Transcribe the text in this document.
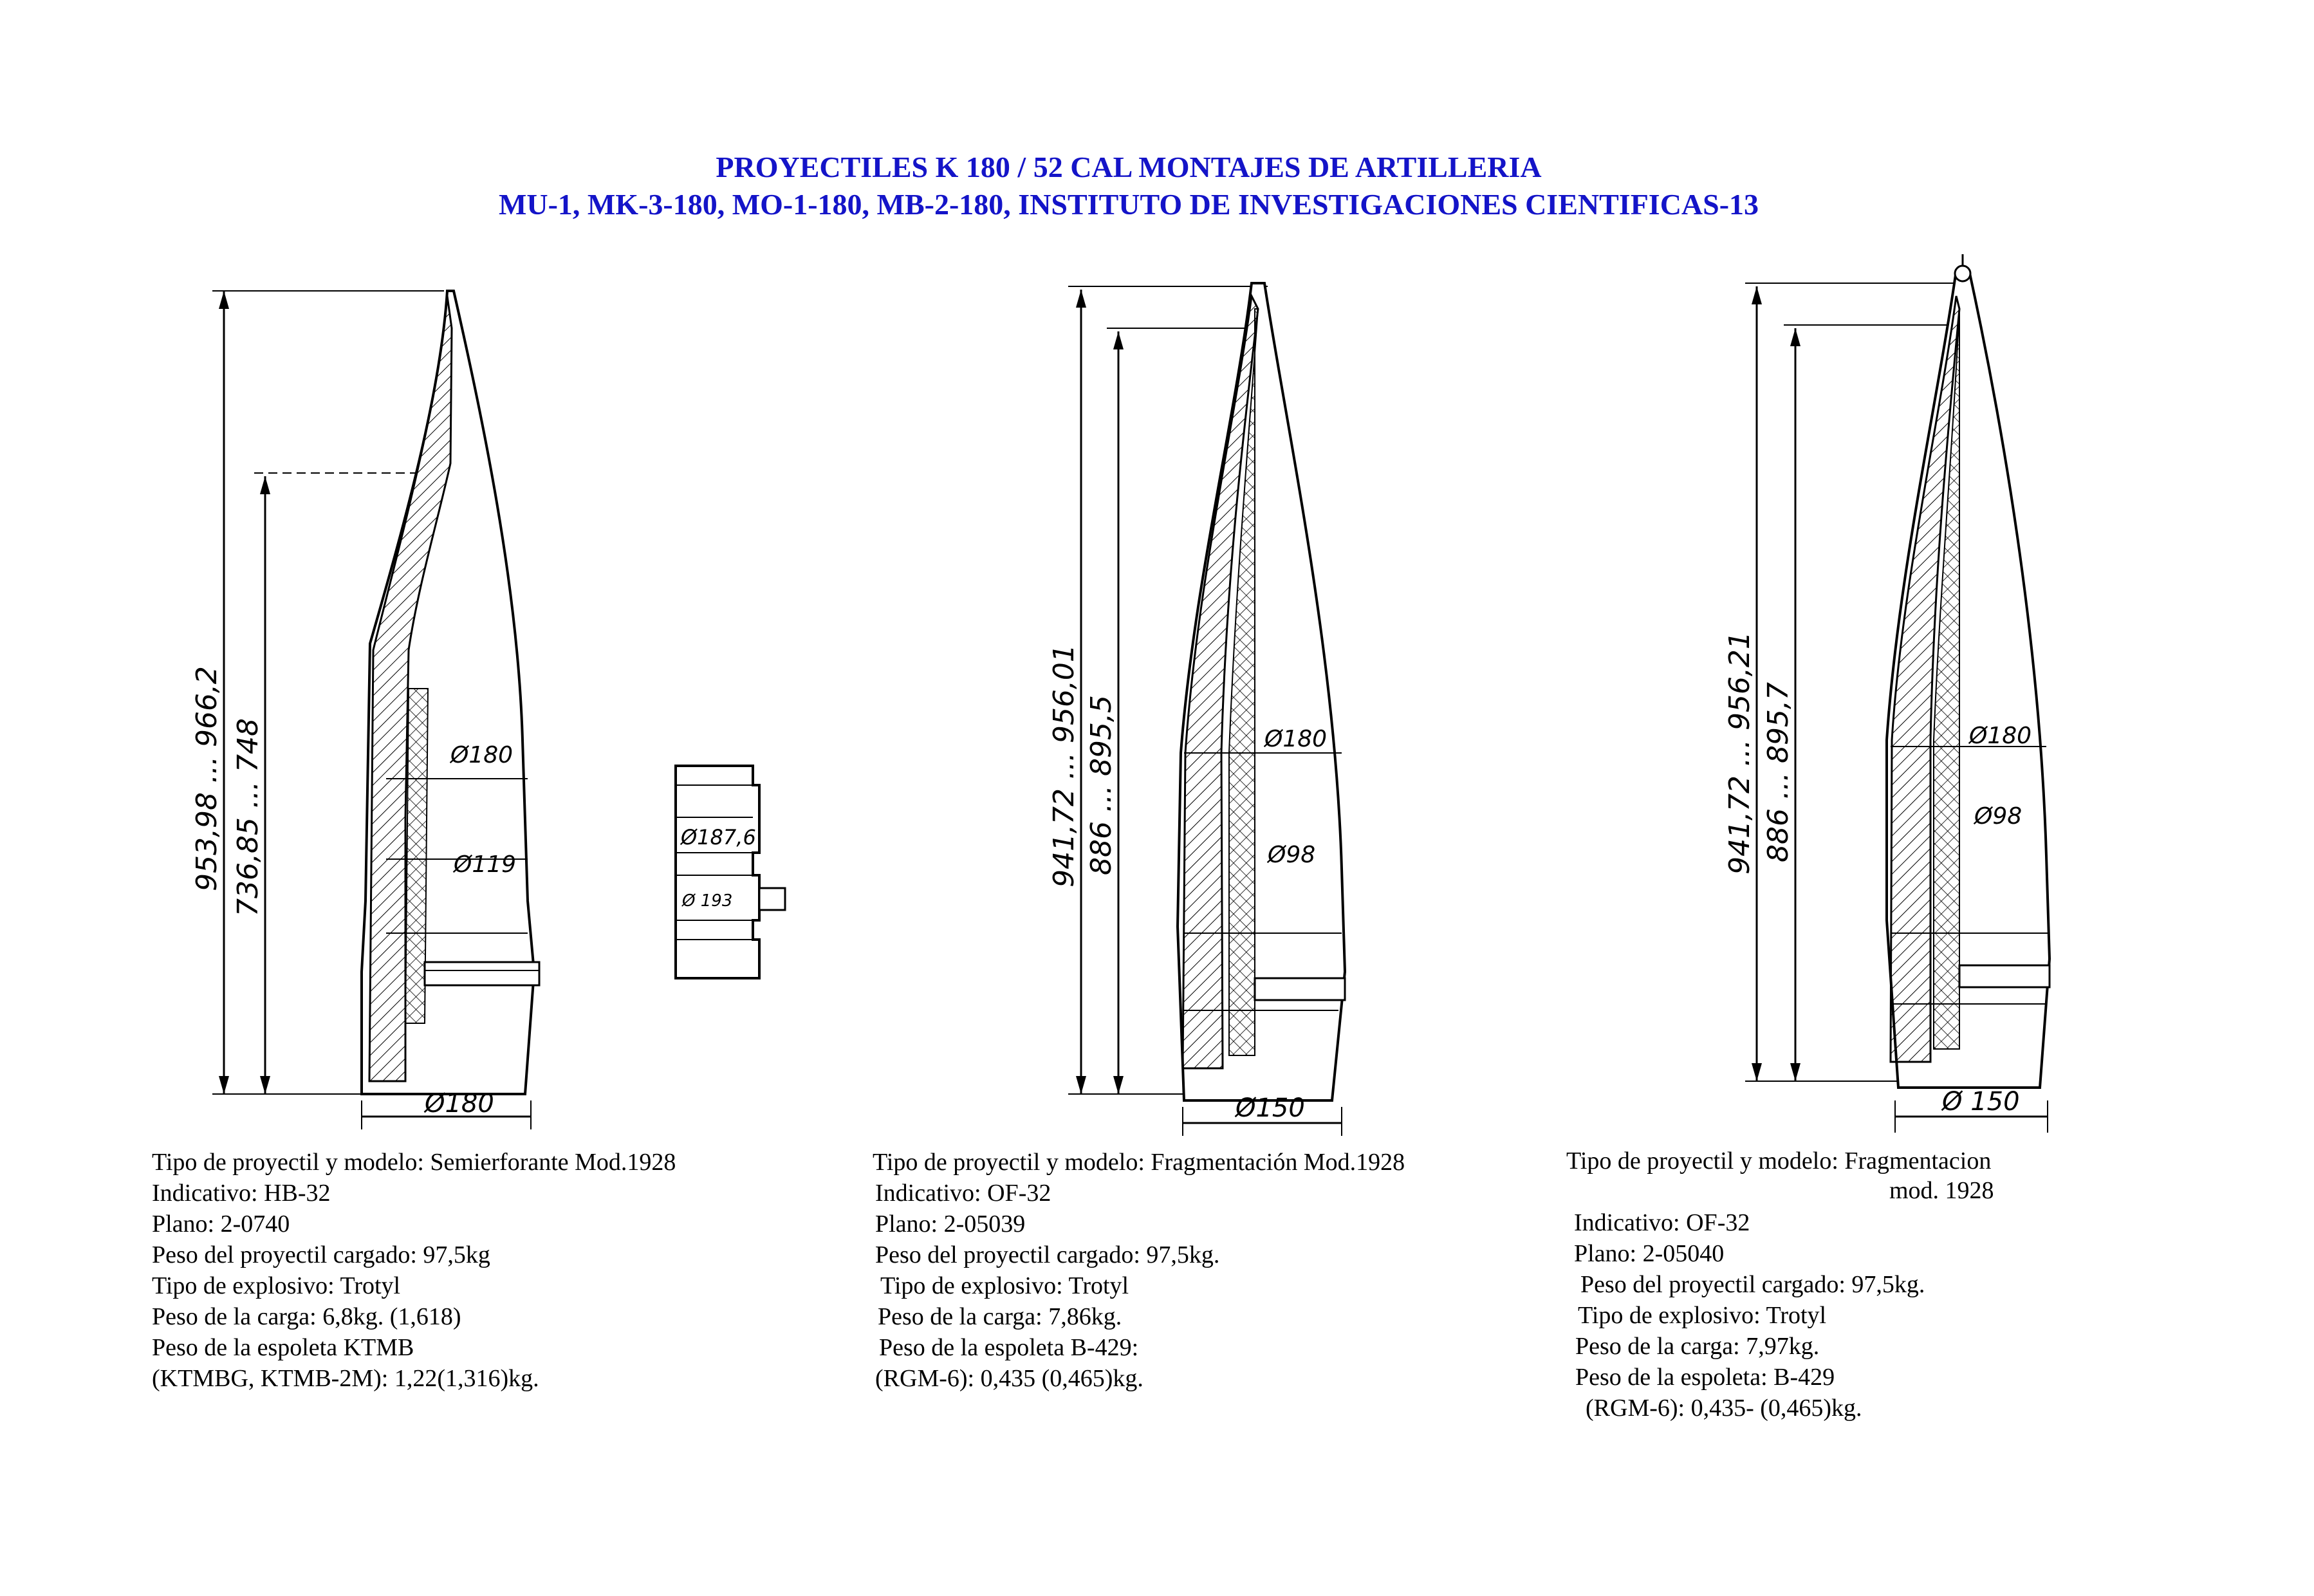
PROYECTILES K 180 / 52 CAL MONTAJES DE ARTILLERIA
MU-1, MK-3-180, MO-1-180, MB-2-180, INSTITUTO DE INVESTIGACIONES CIENTIFICAS-13
953,98 ... 966,2 736,85 ... 748	Ø180
Ø119
Ø180
Ø187,6
Ø 193
941,72 ... 956,01 886 ... 895,5	Ø180
Ø98
Ø150
941,72 ... 956,21 886 ... 895,7	Ø180
Ø98
Ø 150
Tipo de proyectil y modelo: Semierforante Mod.1928
Indicativo: HB-32
Plano: 2-0740
Peso del proyectil cargado: 97,5kg
Tipo de explosivo: Trotyl
Peso de la carga: 6,8kg. (1,618)
Peso de la espoleta KTMB
(KTMBG, KTMB-2M): 1,22(1,316)kg.
Tipo de proyectil y modelo: Fragmentación Mod.1928
Indicativo: OF-32
Plano: 2-05039
Peso del proyectil cargado: 97,5kg.
Tipo de explosivo: Trotyl
Peso de la carga: 7,86kg.
Peso de la espoleta B-429:
(RGM-6): 0,435 (0,465)kg.
Tipo de proyectil y modelo: Fragmentacion
mod. 1928
Indicativo: OF-32
Plano: 2-05040
Peso del proyectil cargado: 97,5kg.
Tipo de explosivo: Trotyl
Peso de la carga: 7,97kg.
Peso de la espoleta: B-429
(RGM-6): 0,435- (0,465)kg.
